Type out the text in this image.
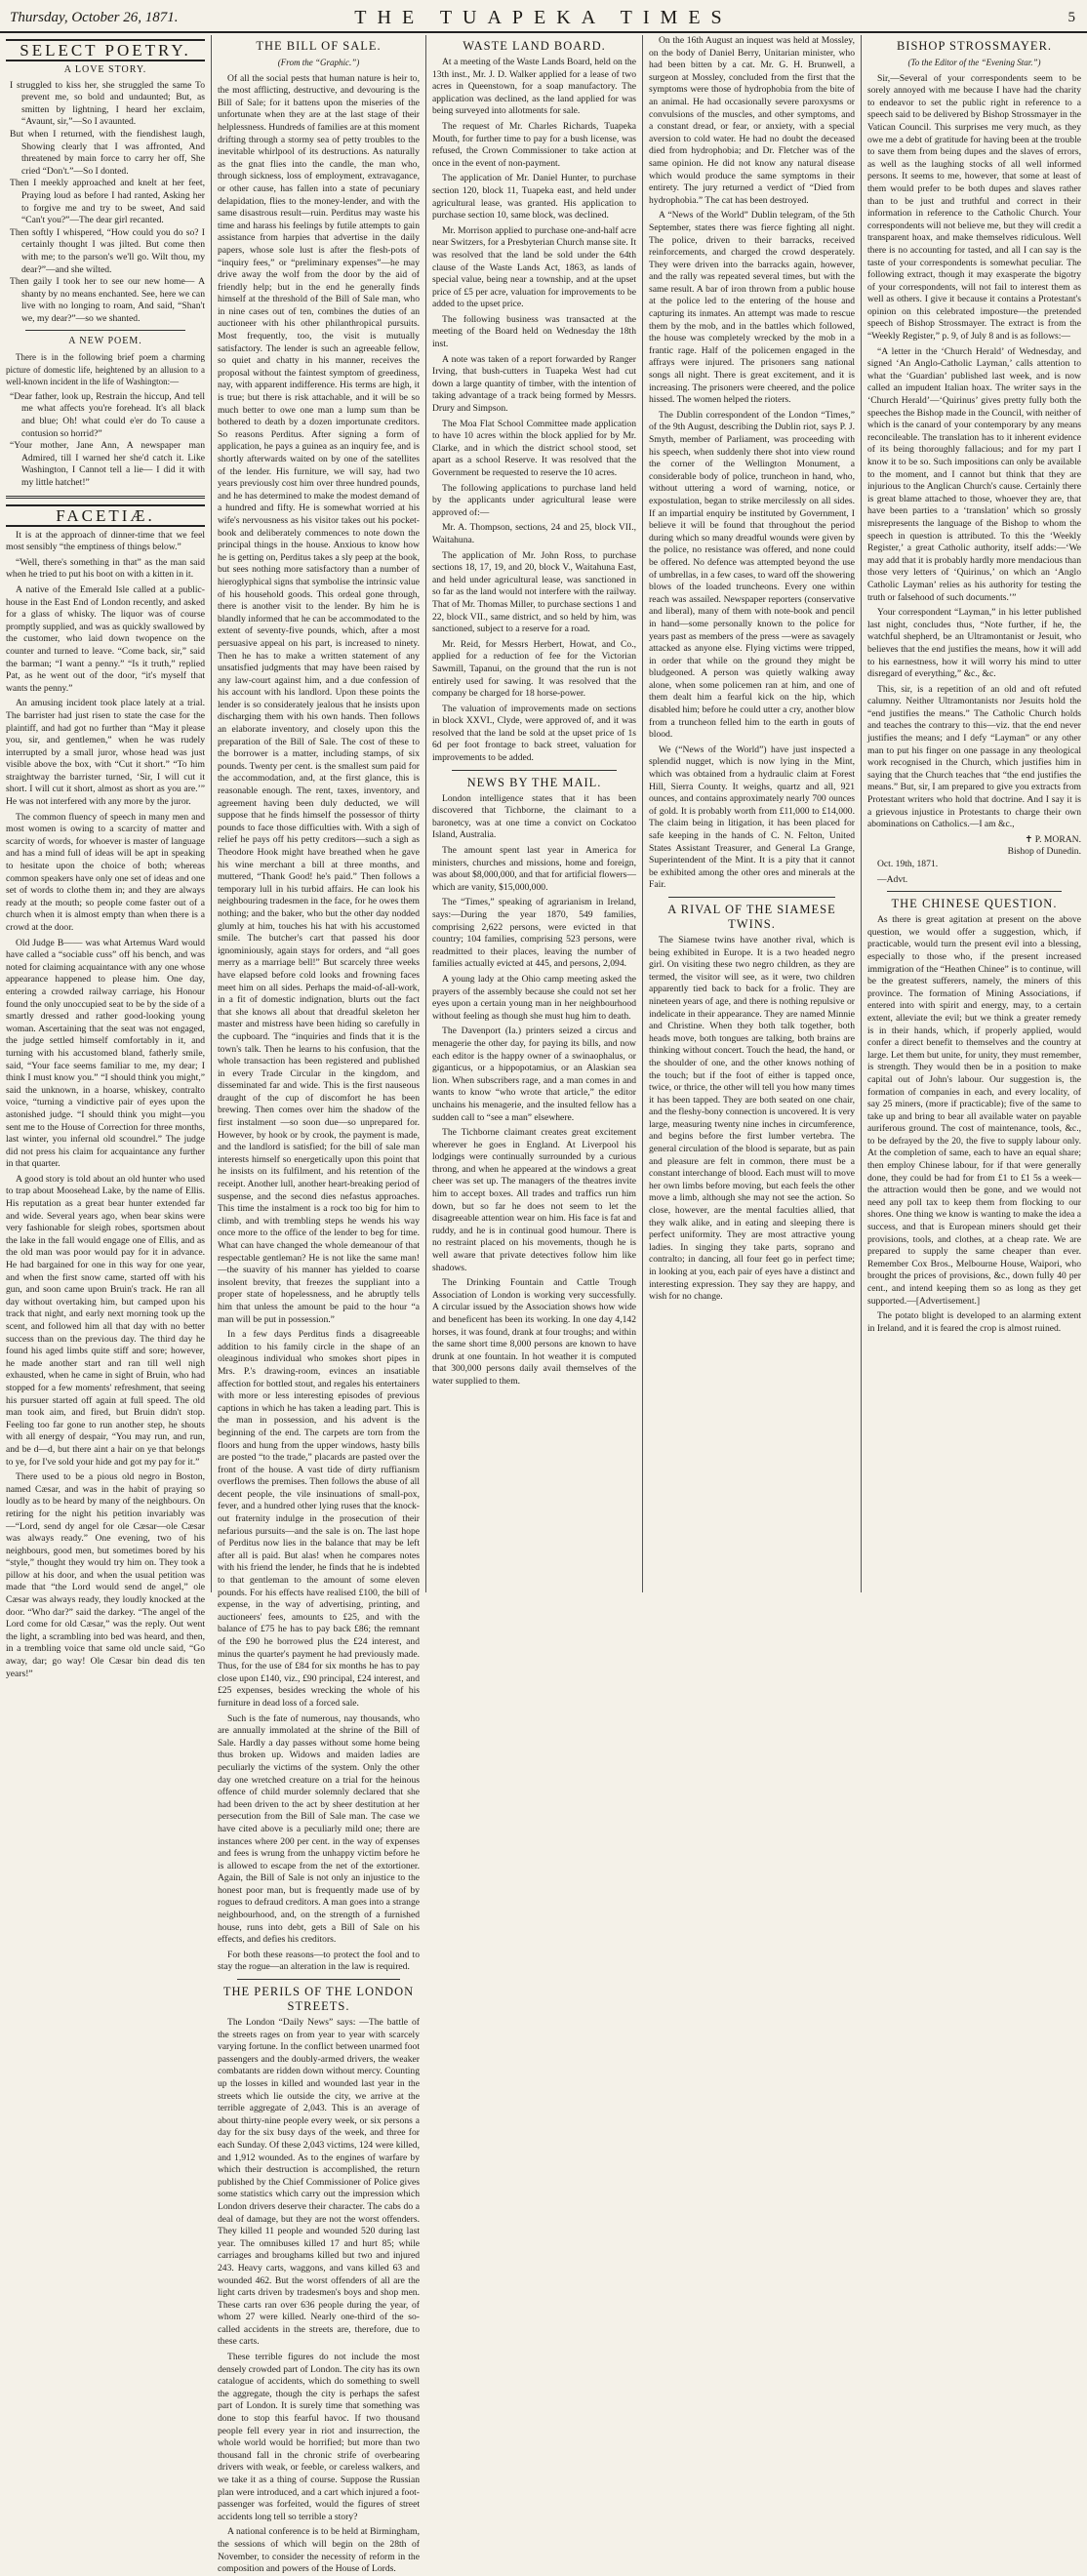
Thursday, October 26, 1871.	THE TUAPEKA TIMES	5
SELECT POETRY.
A LOVE STORY.
I struggled to kiss her, she struggled the same To prevent me, so bold and undaunted; But, as smitten by lightning, I heard her exclaim, “Avaunt, sir,”—So I avaunted.
But when I returned, with the fiendishest laugh, Showing clearly that I was affronted, And threatened by main force to carry her off, She cried “Don't.”—So I donted.
Then I meekly approached and knelt at her feet, Praying loud as before I had ranted, Asking her to forgive me and try to be sweet, And said “Can't you?”—The dear girl recanted.
Then softly I whispered, “How could you do so? I certainly thought I was jilted. But come then with me; to the parson's we'll go. Wilt thou, my dear?”—and she wilted.
Then gaily I took her to see our new home— A shanty by no means enchanted. See, here we can live with no longing to roam, And said, “Shan't we, my dear?”—so we shanted.
A NEW POEM.

There is in the following brief poem a charming picture of domestic life, heightened by an allusion to a well-known incident in the life of Washington:—

“Dear father, look up, Restrain the hiccup, And tell me what affects you're forehead. It's all black and blue; Oh! what could e'er do To cause a contusion so horrid?”
“Your mother, Jane Ann, A newspaper man Admired, till I warned her she'd catch it. Like Washington, I Cannot tell a lie— I did it with my little hatchet!”
FACETIÆ.

It is at the approach of dinner-time that we feel most sensibly “the emptiness of things below.”

“Well, there's something in that” as the man said when he tried to put his boot on with a kitten in it.

A native of the Emerald Isle called at a public-house in the East End of London recently, and asked for a glass of whisky. The liquor was of course promptly supplied, and was as quickly swallowed by the customer, who laid down twopence on the counter and turned to leave. “Come back, sir,” said the barman; “I want a penny.” “Is it truth,” replied Pat, as he went out of the door, “it's myself that wants the penny.”

An amusing incident took place lately at a trial. The barrister had just risen to state the case for the plaintiff, and had got no further than “May it please you, sir, and gentlemen,” when he was rudely interrupted by a small juror, whose head was just visible above the box, with “Cut it short.” “To him straightway the barrister turned, ‘Sir, I will cut it short. I will cut it short, almost as short as you are.’” He was not interfered with any more by the juror.

The common fluency of speech in many men and most women is owing to a scarcity of matter and scarcity of words, for whoever is master of language and has a mind full of ideas will be apt in speaking to hesitate upon the choice of both; whereas common speakers have only one set of ideas and one set of words to clothe them in; and they are always ready at the mouth; so people come faster out of a church when it is almost empty than when there is a crowd at the door.

Old Judge B—— was what Artemus Ward would have called a “sociable cuss” off his bench, and was noted for claiming acquaintance with any one whose appearance happened to please him. One day, entering a crowded railway carriage, his Honour found the only unoccupied seat to be by the side of a smartly dressed and rather good-looking young woman. Ascertaining that the seat was not engaged, the judge settled himself comfortably in it, and turning with his accustomed bland, fatherly smile, said, “Your face seems familiar to me, my dear; I think I must know you.” “I should think you might,” said the unknown, in a hoarse, whiskey, contralto voice, “turning a vindictive pair of eyes upon the astonished judge. “I should think you might—you sent me to the House of Correction for three months, last winter, you infernal old scoundrel.” The judge did not press his claim for acquaintance any further in that quarter.

A good story is told about an old hunter who used to trap about Moosehead Lake, by the name of Ellis. His reputation as a great bear hunter extended far and wide. Several years ago, when bear skins were very fashionable for sleigh robes, sportsmen about the lake in the fall would engage one of Ellis, and as the old man was poor would pay for it in advance. He had bargained for one in this way for one year, and when the first snow came, started off with his gun, and soon came upon Bruin's track. He ran all day without overtaking him, but camped upon his track that night, and early next morning took up the scent, and followed him all that day with no better success than on the previous day. The third day he found his aged limbs quite stiff and sore; however, he made another start and ran till well nigh exhausted, when he came in sight of Bruin, who had stopped for a few moments' refreshment, that seeing his pursuer started off again at full speed. The old man took aim, and fired, but Bruin didn't stop. Feeling too far gone to run another step, he shouts with all energy of despair, “You may run, and run, and be d—d, but there aint a hair on ye that belongs to ye, for I've sold your hide and got my pay for it.”

There used to be a pious old negro in Boston, named Cæsar, and was in the habit of praying so loudly as to be heard by many of the neighbours. On retiring for the night his petition invariably was —“Lord, send dy angel for ole Cæsar—ole Cæsar was always ready.” One evening, two of his neighbours, good men, but sometimes bored by his “style,” thought they would try him on. They took a pillow at his door, and when the usual petition was made that “the Lord would send de angel,” ole Cæsar was always ready, they loudly knocked at the door. “Who dar?” said the darkey. “The angel of the Lord come for old Cæsar,” was the reply. Out went the light, a scrambling into bed was heard, and then, in a trembling voice that same old uncle said, “Go away, dar; go way! Ole Cæsar bin dead dis ten years!”

THE BILL OF SALE.
(From the “Graphic.”)

Of all the social pests that human nature is heir to, the most afflicting, destructive, and devouring is the Bill of Sale; for it battens upon the miseries of the unfortunate when they are at the last stage of their helplessness. Hundreds of families are at this moment drifting through a stormy sea of petty troubles to the inevitable whirlpool of its destructions. As naturally as the gnat flies into the candle, the man who, through sickness, loss of employment, extravagance, or other cause, has fallen into a state of pecuniary delapidation, flies to the money-lender, and with the same disastrous result—ruin. Perditus may waste his time and harass his feelings by futile attempts to gain assistance from harpies that advertise in the daily papers, whose sole lust is after the flesh-pots of “inquiry fees,” or “preliminary expenses”—he may drive away the wolf from the door by the aid of friendly help; but in the end he generally finds himself at the threshold of the Bill of Sale man, who in nine cases out of ten, combines the duties of an auctioneer with his other philanthropical pursuits. Most frequently, too, the visit is mutually satisfactory. The lender is such an agreeable fellow, so quiet and chatty in his manner, receives the proposal without the faintest symptom of greediness, nay, with apparent indifference. His terms are high, it is true; but there is risk attachable, and it will be so much better to owe one man a lump sum than be bothered to death by a dozen importunate creditors. So reasons Perditus. After signing a form of application, he pays a guinea as an inquiry fee, and is shortly afterwards waited on by one of the satellites of the lender. His furniture, we will say, had two years previously cost him over three hundred pounds, and he has determined to make the modest demand of a hundred and fifty. He is somewhat worried at his wife's nervousness as his visitor takes out his pocket-book and deliberately commences to note down the principal things in the house. Anxious to know how he is getting on, Perditus takes a sly peep at the book, but sees nothing more satisfactory than a number of hieroglyphical signs that symbolise the intrinsic value of his household goods. This ordeal gone through, there is another visit to the lender. By him he is blandly informed that he can be accommodated to the extent of seventy-five pounds, which, after a most persuasive appeal on his part, is increased to ninety. Then he has to make a written statement of any unsatisfied judgments that may have been raised by any law-court against him, and a due confession of his account with his landlord. Upon these points the lender is so considerately jealous that he insists upon discharging them with his own hands. Then follows an elaborate inventory, and closely upon this the preparation of the Bill of Sale. The cost of these to the borrower is a matter, including stamps, of six pounds. Twenty per cent. is the smallest sum paid for the accommodation, and, at the first glance, this is reasonable enough. The rent, taxes, inventory, and agreement having been duly deducted, we will suppose that he finds himself the possessor of thirty pounds to face those difficulties with. With a sigh of relief he pays off his petty creditors—such a sigh as Theodore Hook might have breathed when he gave his wine merchant a bill at three months, and muttered, “Thank Good! he's paid.” Then follows a temporary lull in his turbid affairs. He can look his neighbouring tradesmen in the face, for he owes them nothing; and the baker, who but the other day nodded glumly at him, touches his hat with his accustomed smile. The butcher's cart that passed his door ignominiously, again stays for orders, and “all goes merry as a marriage bell!” But scarcely three weeks have elapsed before cold looks and frowning faces meet him on all sides. Perhaps the maid-of-all-work, in a fit of domestic indignation, blurts out the fact that she knows all about that dreadful skeleton her master and mistress have been hiding so carefully in the cupboard. The “inquiries and finds that it is the town's talk. Then he learns to his confusion, that the whole transaction has been registered and published in every Trade Circular in the kingdom, and disseminated far and wide. This is the first nauseous draught of the cup of discomfort he has been brewing. Then comes over him the shadow of the first instalment —so soon due—so unprepared for. However, by hook or by crook, the payment is made, and the landlord is satisfied; for the bill of sale man interests himself so energetically upon this point that he insists on its fulfilment, and his retention of the receipt. Another lull, another heart-breaking period of suspense, and the second dies nefastus approaches. This time the instalment is a rock too big for him to climb, and with trembling steps he wends his way once more to the office of the lender to beg for time. What can have changed the whole demeanour of that respectable gentleman? He is not like the same man! —the suavity of his manner has yielded to coarse insolent brevity, that freezes the suppliant into a proper state of hopelessness, and he abruptly tells him that unless the amount be paid to the hour “a man will be put in possession.”

In a few days Perditus finds a disagreeable addition to his family circle in the shape of an oleaginous individual who smokes short pipes in Mrs. P.'s drawing-room, evinces an insatiable affection for bottled stout, and regales his entertainers with more or less interesting episodes of previous captions in which he has taken a leading part. This is the man in possession, and his advent is the beginning of the end. The carpets are torn from the floors and hung from the upper windows, hasty bills are posted “to the trade,” placards are pasted over the front of the house. A vast tide of dirty ruffianism overflows the premises. Then follows the abuse of all decent people, the vile insinuations of small-pox, fever, and a hundred other lying ruses that the knock-out fraternity indulge in the prosecution of their nefarious pursuits—and the sale is on. The last hope of Perditus now lies in the balance that may be left after all is paid. But alas! when he compares notes with his friend the lender, he finds that he is indebted to that gentleman to the amount of some eleven pounds. For his effects have realised £100, the bill of expense, in the way of advertising, printing, and auctioneers' fees, amounts to £25, and with the balance of £75 he has to pay back £86; the remnant of the £90 he borrowed plus the £24 interest, and minus the quarter's payment he had previously made. Thus, for the use of £84 for six months he has to pay close upon £140, viz., £90 principal, £24 interest, and £25 expenses, besides wrecking the whole of his furniture in dead loss of a forced sale.

Such is the fate of numerous, nay thousands, who are annually immolated at the shrine of the Bill of Sale. Hardly a day passes without some home being thus broken up. Widows and maiden ladies are peculiarly the victims of the system. Only the other day one wretched creature on a trial for the heinous offence of child murder solemnly declared that she had been driven to the act by sheer destitution at her persecution from the Bill of Sale man. The case we have cited above is a peculiarly mild one; there are instances where 200 per cent. in the way of expenses and fees is wrung from the unhappy victim before he is allowed to escape from the net of the extortioner. Again, the Bill of Sale is not only an injustice to the honest poor man, but is frequently made use of by rogues to defraud creditors. A man goes into a strange neighbourhood, and, on the strength of a furnished house, runs into debt, gets a Bill of Sale on his effects, and defies his creditors.

For both these reasons—to protect the fool and to stay the rogue—an alteration in the law is required.

THE PERILS OF THE LONDON STREETS.

The London “Daily News” says: —The battle of the streets rages on from year to year with scarcely varying fortune. In the conflict between unarmed foot passengers and the doubly-armed drivers, the weaker combatants are ridden down without mercy. Counting up the losses in killed and wounded last year in the streets which lie outside the city, we arrive at the terrible aggregate of 2,043. This is an average of about thirty-nine people every week, or six persons a day for the six busy days of the week, and three for each Sunday. Of these 2,043 victims, 124 were killed, and 1,912 wounded. As to the engines of warfare by which their destruction is accomplished, the return published by the Chief Commissioner of Police gives some statistics which carry out the impression which London drivers deserve their character. The cabs do a deal of damage, but they are not the worst offenders. They killed 11 people and wounded 520 during last year. The omnibuses killed 17 and hurt 85; while carriages and broughams killed but two and injured 243. Heavy carts, waggons, and vans killed 63 and wounded 462. But the worst offenders of all are the light carts driven by tradesmen's boys and shop men. These carts ran over 636 people during the year, of whom 27 were killed. Nearly one-third of the so-called accidents in the streets are, therefore, due to these carts.

These terrible figures do not include the most densely crowded part of London. The city has its own catalogue of accidents, which do something to swell the aggregate, though the city is perhaps the safest part of London. It is surely time that something was done to stop this fearful havoc. If two thousand people fell every year in riot and insurrection, the whole world would be horrified; but more than two thousand fall in the chronic strife of overbearing drivers with weak, or feeble, or careless walkers, and we take it as a thing of course. Suppose the Russian plan were introduced, and a cart which injured a foot-passenger was forfeited, would the figures of street accidents long tell so terrible a story?

A national conference is to be held at Birmingham, the sessions of which will begin on the 28th of November, to consider the necessity of reform in the composition and powers of the House of Lords.

WASTE LAND BOARD.

At a meeting of the Waste Lands Board, held on the 13th inst., Mr. J. D. Walker applied for a lease of two acres in Queenstown, for a soap manufactory. The application was declined, as the land applied for was being surveyed into allotments for sale.

The request of Mr. Charles Richards, Tuapeka Mouth, for further time to pay for a bush license, was refused, the Crown Commissioner to take action at once in the event of non-payment.

The application of Mr. Daniel Hunter, to purchase section 120, block 11, Tuapeka east, and held under agricultural lease, was granted. His application to purchase section 10, same block, was declined.

Mr. Morrison applied to purchase one-and-half acre near Switzers, for a Presbyterian Church manse site. It was resolved that the land be sold under the 64th clause of the Waste Lands Act, 1863, as lands of special value, being near a township, and at the upset price of £5 per acre, valuation for improvements to be added to the upset price.

The following business was transacted at the meeting of the Board held on Wednesday the 18th inst.

A note was taken of a report forwarded by Ranger Irving, that bush-cutters in Tuapeka West had cut down a large quantity of timber, with the intention of taking advantage of a track being formed by Messrs. Drury and Simpson.

The Moa Flat School Committee made application to have 10 acres within the block applied for by Mr. Clarke, and in which the district school stood, set apart as a school Reserve. It was resolved that the Government be requested to reserve the 10 acres.

The following applications to purchase land held by the applicants under agricultural lease were approved of:—

Mr. A. Thompson, sections, 24 and 25, block VII., Waitahuna.

The application of Mr. John Ross, to purchase sections 18, 17, 19, and 20, block V., Waitahuna East, and held under agricultural lease, was sanctioned in so far as the land would not interfere with the railway. That of Mr. Thomas Miller, to purchase sections 1 and 22, block VII., same district, and so held by him, was sanctioned, subject to a reserve for a road.

Mr. Reid, for Messrs Herbert, Howat, and Co., applied for a reduction of fee for the Victorian Sawmill, Tapanui, on the ground that the run is not entirely used for sawing. It was resolved that the company be charged for 18 horse-power.

The valuation of improvements made on sections in block XXVI., Clyde, were approved of, and it was resolved that the land be sold at the upset price of 1s 6d per foot frontage to back street, valuation for improvements to be added.

NEWS BY THE MAIL.

London intelligence states that it has been discovered that Tichborne, the claimant to a baronetcy, was at one time a convict on Cockatoo Island, Australia.

The amount spent last year in America for ministers, churches and missions, home and foreign, was about $8,000,000, and that for artificial flowers—which are vanity, $15,000,000.

The “Times,” speaking of agrarianism in Ireland, says:—During the year 1870, 549 families, comprising 2,622 persons, were evicted in that country; 104 families, comprising 523 persons, were readmitted to their places, leaving the number of families actually evicted at 445, and persons, 2,094.

A young lady at the Ohio camp meeting asked the prayers of the assembly because she could not set her eyes upon a certain young man in her neighbourhood without feeling as though she must hug him to death.

The Davenport (Ia.) printers seized a circus and menagerie the other day, for paying its bills, and now each editor is the happy owner of a swinaophalus, or giganticus, or a hippopotamius, or an Alaskian sea lion. When subscribers rage, and a man comes in and wants to know “who wrote that article,” the editor unchains his menagerie, and the insulted fellow has a sudden call to “see a man” elsewhere.

The Tichborne claimant creates great excitement wherever he goes in England. At Liverpool his lodgings were continually surrounded by a curious throng, and when he appeared at the windows a great cheer was set up. The managers of the theatres invite him to accept boxes. All trades and traffics run him down, but so far he does not seem to let the disagreeable attention wear on him. His face is fat and ruddy, and he is in continual good humour. There is no restraint placed on his movements, though he is well aware that private detectives follow him like shadows.

The Drinking Fountain and Cattle Trough Association of London is working very successfully. A circular issued by the Association shows how wide and beneficent has been its working. In one day 4,142 horses, it was found, drank at four troughs; and within the same short time 8,000 persons are known to have drunk at one fountain. In hot weather it is computed that 300,000 persons daily avail themselves of the water supplied to them.

On the 16th August an inquest was held at Mossley, on the body of Daniel Berry, Unitarian minister, who had been bitten by a cat. Mr. G. H. Brunwell, a surgeon at Mossley, concluded from the first that the symptoms were those of hydrophobia from the bite of an animal. He had occasionally severe paroxysms or convulsions of the muscles, and other symptoms, and a constant dread, or fear, or anxiety, with a special aversion to cold water. He had no doubt the deceased died from hydrophobia; and Dr. Fletcher was of the same opinion. He did not know any natural disease which would produce the same symptoms in their entirety. The jury returned a verdict of “Died from hydrophobia.” The cat has been destroyed.

A “News of the World” Dublin telegram, of the 5th September, states there was fierce fighting all night. The police, driven to their barracks, received reinforcements, and charged the crowd desperately. They were driven into the barracks again, however, and the rally was repeated several times, but with the same result. A bar of iron thrown from a public house at the police led to the entering of the house and capturing its inmates. An attempt was made to rescue them by the mob, and in the battles which followed, the house was completely wrecked by the mob in a frantic rage. Half of the policemen engaged in the affrays were injured. The prisoners sang national songs all night. There is great excitement, and it is increasing. The prisoners were cheered, and the police hissed. The women helped the rioters.

The Dublin correspondent of the London “Times,” of the 9th August, describing the Dublin riot, says P. J. Smyth, member of Parliament, was proceeding with his speech, when suddenly there shot into view round the corner of the Wellington Monument, a considerable body of police, truncheon in hand, who, without uttering a word of warning, notice, or expostulation, began to strike mercilessly on all sides. If an impartial enquiry be instituted by Government, I believe it will be found that throughout the period during which so many dreadful wounds were given by the police, no resistance was offered, and none could be offered. No defence was attempted beyond the use of umbrellas, in a few cases, to ward off the showering blows of the loaded truncheons. Every one within reach was assailed. Newspaper reporters (conservative and liberal), many of them with note-book and pencil in hand—some personally known to the police for years past as members of the press —were as savagely attacked as anyone else. Flying victims were tripped, in order that while on the ground they might be bludgeoned. A person was quietly walking away alone, when some policemen ran at him, and one of them dealt him a fearful kick on the hip, which disabled him; before he could utter a cry, another blow from a truncheon felled him to the earth in gouts of blood.

We (“News of the World”) have just inspected a splendid nugget, which is now lying in the Mint, which was obtained from a hydraulic claim at Forest Hill, Sierra County. It weighs, quartz and all, 921 ounces, and contains approximately nearly 700 ounces of gold. It is probably worth from £11,000 to £14,000. The claim being in litigation, it has been placed for safe keeping in the hands of C. N. Felton, United States Assistant Treasurer, and General La Grange, Superintendent of the Mint. It is a pity that it cannot be exhibited among the other ores and minerals at the Fair.

A RIVAL OF THE SIAMESE TWINS.

The Siamese twins have another rival, which is being exhibited in Europe. It is a two headed negro girl. On visiting these two negro children, as they are termed, the visitor will see, as it were, two children apparently tied back to back for a frolic. They are nineteen years of age, and there is nothing repulsive or indelicate in their appearance. They are named Minnie and Christine. When they both talk together, both heads move, both tongues are talking, both brains are thinking without concert. Touch the head, the hand, or the shoulder of one, and the other knows nothing of the touch; but if the foot of either is tapped once, twice, or thrice, the other will tell you how many times it has been tapped. They are both seated on one chair, and the fleshy-bony connection is uncovered. It is very large, measuring twenty nine inches in circumference, and begins before the first lumber vertebra. The general circulation of the blood is separate, but as pain and pleasure are felt in common, there must be a constant interchange of blood. Each must will to move her own limbs before moving, but each feels the other move a limb, although she may not see the action. So close, however, are the mental faculties allied, that they walk alike, and in eating and sleeping there is perfect uniformity. They are most attractive young ladies. In singing they take parts, soprano and contralto; in dancing, all four feet go in perfect time; in looking at you, each pair of eyes have a distinct and interesting expression. They say they are happy, and wish for no change.

BISHOP STROSSMAYER.
(To the Editor of the “Evening Star.”)

Sir,—Several of your correspondents seem to be sorely annoyed with me because I have had the charity to endeavor to set the public right in reference to a speech said to be delivered by Bishop Strossmayer in the Vatican Council. This surprises me very much, as they owe me a debt of gratitude for having been at the trouble to save them from being dupes and the slaves of errors, as well as the laughing stocks of all well informed persons. It seems to me, however, that some at least of them would prefer to be both dupes and slaves rather than to be just and truthful and correct in their information in reference to the Catholic Church. Your correspondents will not believe me, but they will credit a transparent hoax, and make themselves ridiculous. Well there is no accounting for tasted, and all I can say is the taste of your correspondents is somewhat peculiar. The following extract, though it may exasperate the bigotry of your correspondents, will not fail to interest them as well as others. I give it because it contains a Protestant's opinion on this celebrated imposture—the pretended speech of Bishop Strossmayer. The extract is from the “Weekly Register,” p. 9, of July 8 and is as follows:—

“A letter in the ‘Church Herald’ of Wednesday, and signed ‘An Anglo-Catholic Layman,’ calls attention to what the ‘Guardian’ published last week, and is now called an impudent Italian hoax. The writer says in the ‘Church Herald’—‘Quirinus’ gives pretty fully both the speeches the Bishop made in the Council, with neither of which is the canard of your contemporary by any means reconcileable. The translation has to it inherent evidence of its being thoroughly fallacious; and for my part I know it to be so. Such impositions can only be available to the moment, and I cannot but think that they are injurious to the Anglican Church's cause. Certainly there is great blame attached to those, whoever they are, that have been parties to a ‘translation’ which so grossly misrepresents the language of the Bishop to whom the speech in question is attributed. To this the ‘Weekly Register,’ a great Catholic authority, itself adds:—‘We may add that it is probably hardly more mendacious than those very letters of ‘Quirinus,’ on which an ‘Anglo Catholic Layman’ relies as his authority for testing the truth or falsehood of such documents.’”

Your correspondent “Layman,” in his letter published last night, concludes thus, “Note further, if he, the watchful shepherd, be an Ultramontanist or Jesuit, who believes that the end justifies the means, how it will add to his earnestness, how it will worry his mind to utter disregard of everything,” &c., &c.

This, sir, is a repetition of an old and oft refuted calumny. Neither Ultramontanists nor Jesuits hold the “end justifies the means.” The Catholic Church holds and teaches the contrary to this—viz. that the end never justifies the means; and I defy “Layman” or any other man to put his finger on one passage in any theological work recognised in the Church, which justifies him in saying that the Church teaches that “the end justifies the means.” But, sir, I am prepared to give you extracts from Protestant writers who hold that doctrine. And I say it is a grievous injustice in Protestants to charge their own abominations on Catholics.—I am &c.,

✝ P. MORAN.

Bishop of Dunedin.

Oct. 19th, 1871.

—Advt.

THE CHINESE QUESTION.

As there is great agitation at present on the above question, we would offer a suggestion, which, if practicable, would turn the present evil into a blessing, especially to those who, if the present increased immigration of the “Heathen Chinee” is to continue, will be the greatest sufferers, namely, the miners of this province. The formation of Mining Associations, if entered into with spirit and energy, may, to a certain extent, alleviate the evil; but we think a greater remedy is in their hands, which, if properly applied, would confer a direct benefit to themselves and the country at large. Let them but unite, for unity, they must remember, is strength. They would then be in a position to make capital out of John's labour. Our suggestion is, the formation of companies in each, and every locality, of say 25 miners, (more if practicable); five of the same to take up and bring to bear all available water on payable auriferous ground. The cost of maintenance, tools, &c., to be defrayed by the 20, the five to supply labour only. At the completion of same, each to have an equal share; then employ Chinese labour, for if that were generally done, they could be had for from £1 to £1 5s a week—the attraction would then be gone, and we would not need any poll tax to keep them from flocking to our shores. One thing we know is wanting to make the idea a success, and that is European miners should get their provisions, tools, and clothes, at a cheap rate. We are prepared to supply the same cheaper than ever. Remember Cox Bros., Melbourne House, Waipori, who brought the prices of provisions, &c., down fully 40 per cent., and intend keeping them so as long as they get supported.—[Advertisement.]

The potato blight is developed to an alarming extent in Ireland, and it is feared the crop is almost ruined.
